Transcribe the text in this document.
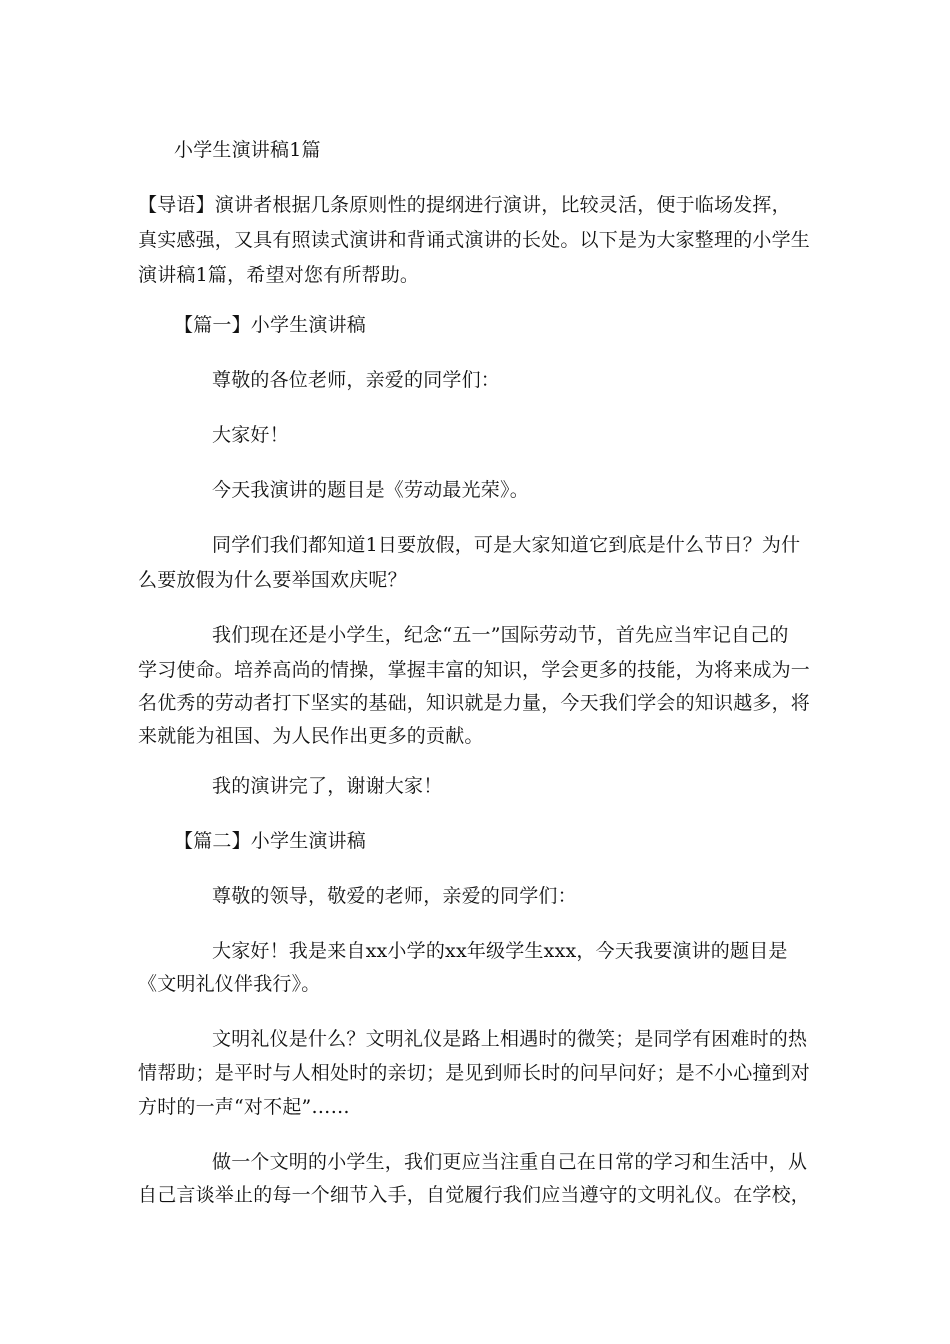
小学生演讲稿1篇
【导语】演讲者根据几条原则性的提纲进行演讲，比较灵活，便于临场发挥，
真实感强，又具有照读式演讲和背诵式演讲的长处。以下是为大家整理的小学生
演讲稿1篇，希望对您有所帮助。
【篇一】小学生演讲稿
尊敬的各位老师，亲爱的同学们：
大家好！
今天我演讲的题目是《劳动最光荣》。
同学们我们都知道1日要放假，可是大家知道它到底是什么节日？为什
么要放假为什么要举国欢庆呢？
我们现在还是小学生，纪念“五一”国际劳动节，首先应当牢记自己的
学习使命。培养高尚的情操，掌握丰富的知识，学会更多的技能，为将来成为一
名优秀的劳动者打下坚实的基础，知识就是力量，今天我们学会的知识越多，将
来就能为祖国、为人民作出更多的贡献。
我的演讲完了，谢谢大家！
【篇二】小学生演讲稿
尊敬的领导，敬爱的老师，亲爱的同学们：
大家好！我是来自xx小学的xx年级学生xxx，今天我要演讲的题目是
《文明礼仪伴我行》。
文明礼仪是什么？文明礼仪是路上相遇时的微笑；是同学有困难时的热
情帮助；是平时与人相处时的亲切；是见到师长时的问早问好；是不小心撞到对
方时的一声“对不起”……
做一个文明的小学生，我们更应当注重自己在日常的学习和生活中，从
自己言谈举止的每一个细节入手，自觉履行我们应当遵守的文明礼仪。在学校，
